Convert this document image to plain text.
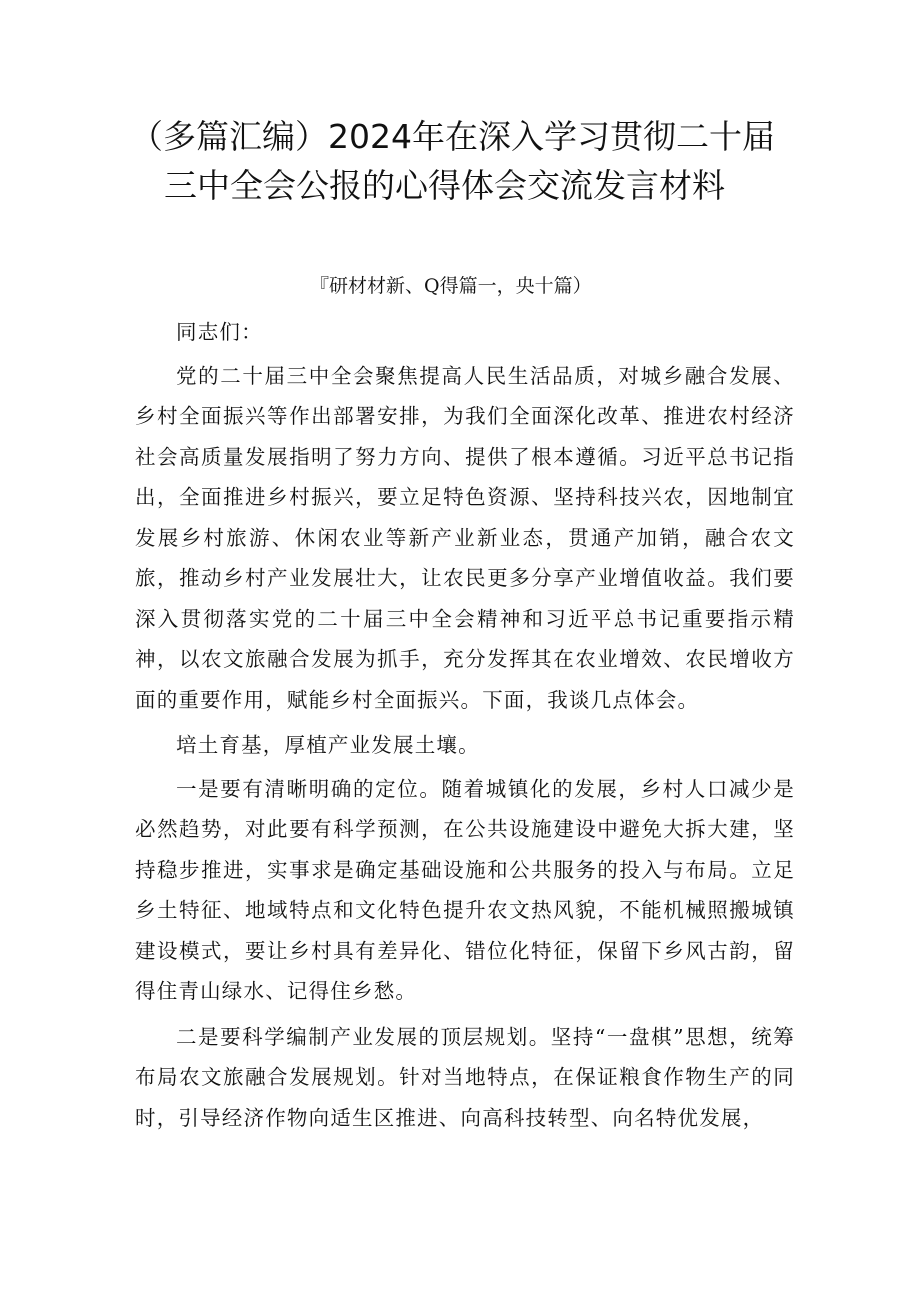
（多篇汇编）2024年在深入学习贯彻二十届
三中全会公报的心得体会交流发言材料
『研材材新、Q得篇一，央十篇）

同志们：

党的二十届三中全会聚焦提高人民生活品质，对城乡融合发展、乡村全面振兴等作出部署安排，为我们全面深化改革、推进农村经济社会高质量发展指明了努力方向、提供了根本遵循。习近平总书记指出，全面推进乡村振兴，要立足特色资源、坚持科技兴农，因地制宜发展乡村旅游、休闲农业等新产业新业态，贯通产加销，融合农文旅，推动乡村产业发展壮大，让农民更多分享产业增值收益。我们要深入贯彻落实党的二十届三中全会精神和习近平总书记重要指示精神，以农文旅融合发展为抓手，充分发挥其在农业增效、农民增收方面的重要作用，赋能乡村全面振兴。下面，我谈几点体会。

培土育基，厚植产业发展土壤。

一是要有清晰明确的定位。随着城镇化的发展，乡村人口减少是必然趋势，对此要有科学预测，在公共设施建设中避免大拆大建，坚持稳步推进，实事求是确定基础设施和公共服务的投入与布局。立足乡土特征、地域特点和文化特色提升农文热风貌，不能机械照搬城镇建设模式，要让乡村具有差异化、错位化特征，保留下乡风古韵，留得住青山绿水、记得住乡愁。

二是要科学编制产业发展的顶层规划。坚持“一盘棋”思想，统筹布局农文旅融合发展规划。针对当地特点，在保证粮食作物生产的同时，引导经济作物向适生区推进、向高科技转型、向名特优发展，
